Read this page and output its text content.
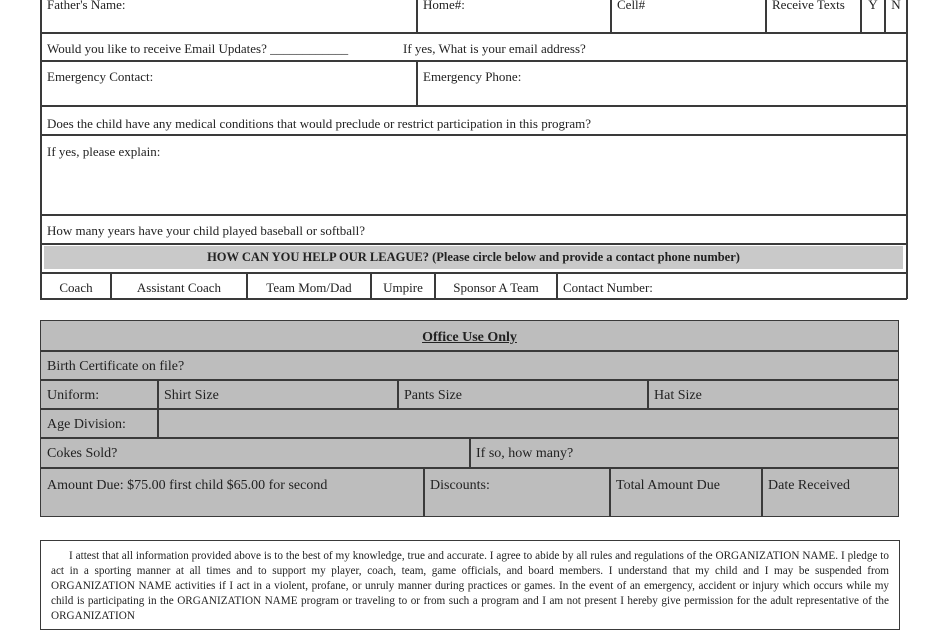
Father's Name:	Home#:	Cell#	Receive Texts	Y	N
Would you like to receive Email Updates? ____________	If yes, What is your email address?
Emergency Contact:	Emergency Phone:
Does the child have any medical conditions that would preclude or restrict participation in this program?
If yes, please explain:
How many years have your child played baseball or softball?
HOW CAN YOU HELP OUR LEAGUE? (Please circle below and provide a contact phone number)
Coach	Assistant Coach	Team Mom/Dad	Umpire	Sponsor A Team	Contact Number:
Office Use Only
Birth Certificate on file?
Uniform:	Shirt Size	Pants Size	Hat Size
Age Division:
Cokes Sold?	If so, how many?
Amount Due: $75.00 first child $65.00 for second	Discounts:	Total Amount Due	Date Received
I attest that all information provided above is to the best of my knowledge, true and accurate. I agree to abide by all rules and regulations of the ORGANIZATION NAME. I pledge to act in a sporting manner at all times and to support my player, coach, team, game officials, and board members. I understand that my child and I may be suspended from ORGANIZATION NAME activities if I act in a violent, profane, or unruly manner during practices or games. In the event of an emergency, accident or injury which occurs while my child is participating in the ORGANIZATION NAME program or traveling to or from such a program and I am not present I hereby give permission for the adult representative of the ORGANIZATION
